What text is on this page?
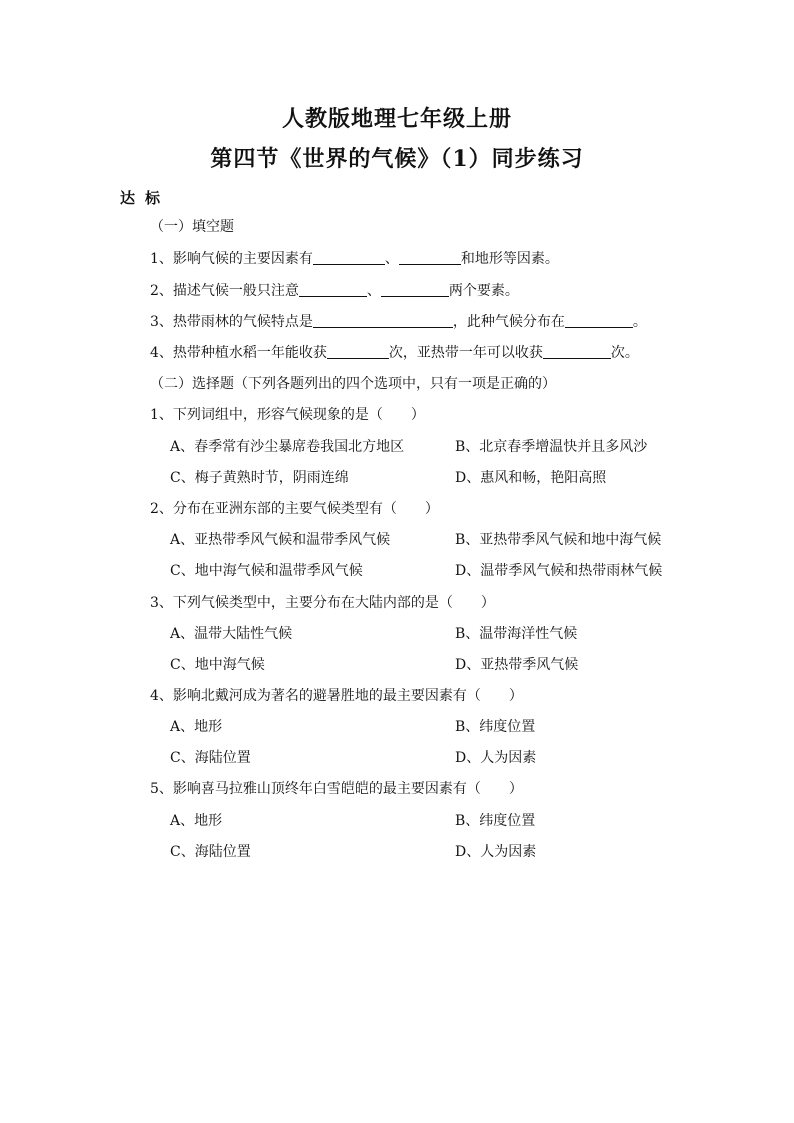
人教版地理七年级上册
第四节《世界的气候》（1）同步练习
达标
（一）填空题
1、影响气候的主要因素有	、	和地形等因素。
2、描述气候一般只注意	、	两个要素。
3、热带雨林的气候特点是	，此种气候分布在	。
4、热带种植水稻一年能收获	次，亚热带一年可以收获	次。
（二）选择题（下列各题列出的四个选项中，只有一项是正确的）
1、下列词组中，形容气候现象的是（　　）
A、春季常有沙尘暴席卷我国北方地区	B、北京春季增温快并且多风沙
C、梅子黄熟时节，阴雨连绵	D、惠风和畅，艳阳高照
2、分布在亚洲东部的主要气候类型有（　　）
A、亚热带季风气候和温带季风气候	B、亚热带季风气候和地中海气候
C、地中海气候和温带季风气候	D、温带季风气候和热带雨林气候
3、下列气候类型中，主要分布在大陆内部的是（　　）
A、温带大陆性气候	B、温带海洋性气候
C、地中海气候	D、亚热带季风气候
4、影响北戴河成为著名的避暑胜地的最主要因素有（　　）
A、地形	B、纬度位置
C、海陆位置	D、人为因素
5、影响喜马拉雅山顶终年白雪皑皑的最主要因素有（　　）
A、地形	B、纬度位置
C、海陆位置	D、人为因素
